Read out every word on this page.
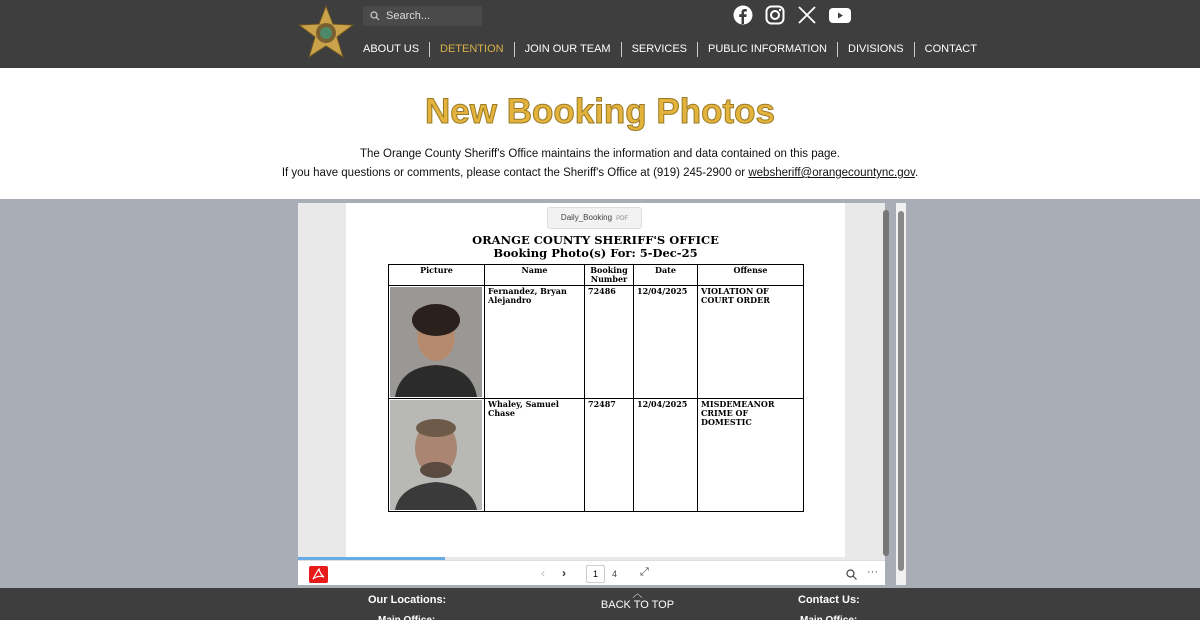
Search...
ABOUT US	DETENTION	JOIN OUR TEAM	SERVICES	PUBLIC INFORMATION	DIVISIONS	CONTACT
New Booking Photos
The Orange County Sheriff's Office maintains the information and data contained on this page.
If you have questions or comments, please contact the Sheriff's Office at (919) 245-2900 or websheriff@orangecountync.gov.
Daily_Booking PDF
ORANGE COUNTY SHERIFF'S OFFICE
Booking Photo(s) For: 5-Dec-25
Picture	Name	Booking Number	Date	Offense

	Fernandez, Bryan Alejandro	72486	12/04/2025	VIOLATION OF COURT ORDER

	Whaley, Samuel Chase	72487	12/04/2025	MISDEMEANOR CRIME OF DOMESTIC
‹ ›	1	4 ⤢	···
Our Locations:
Main Office:
︿
BACK TO TOP	Contact Us:
Main Office:
